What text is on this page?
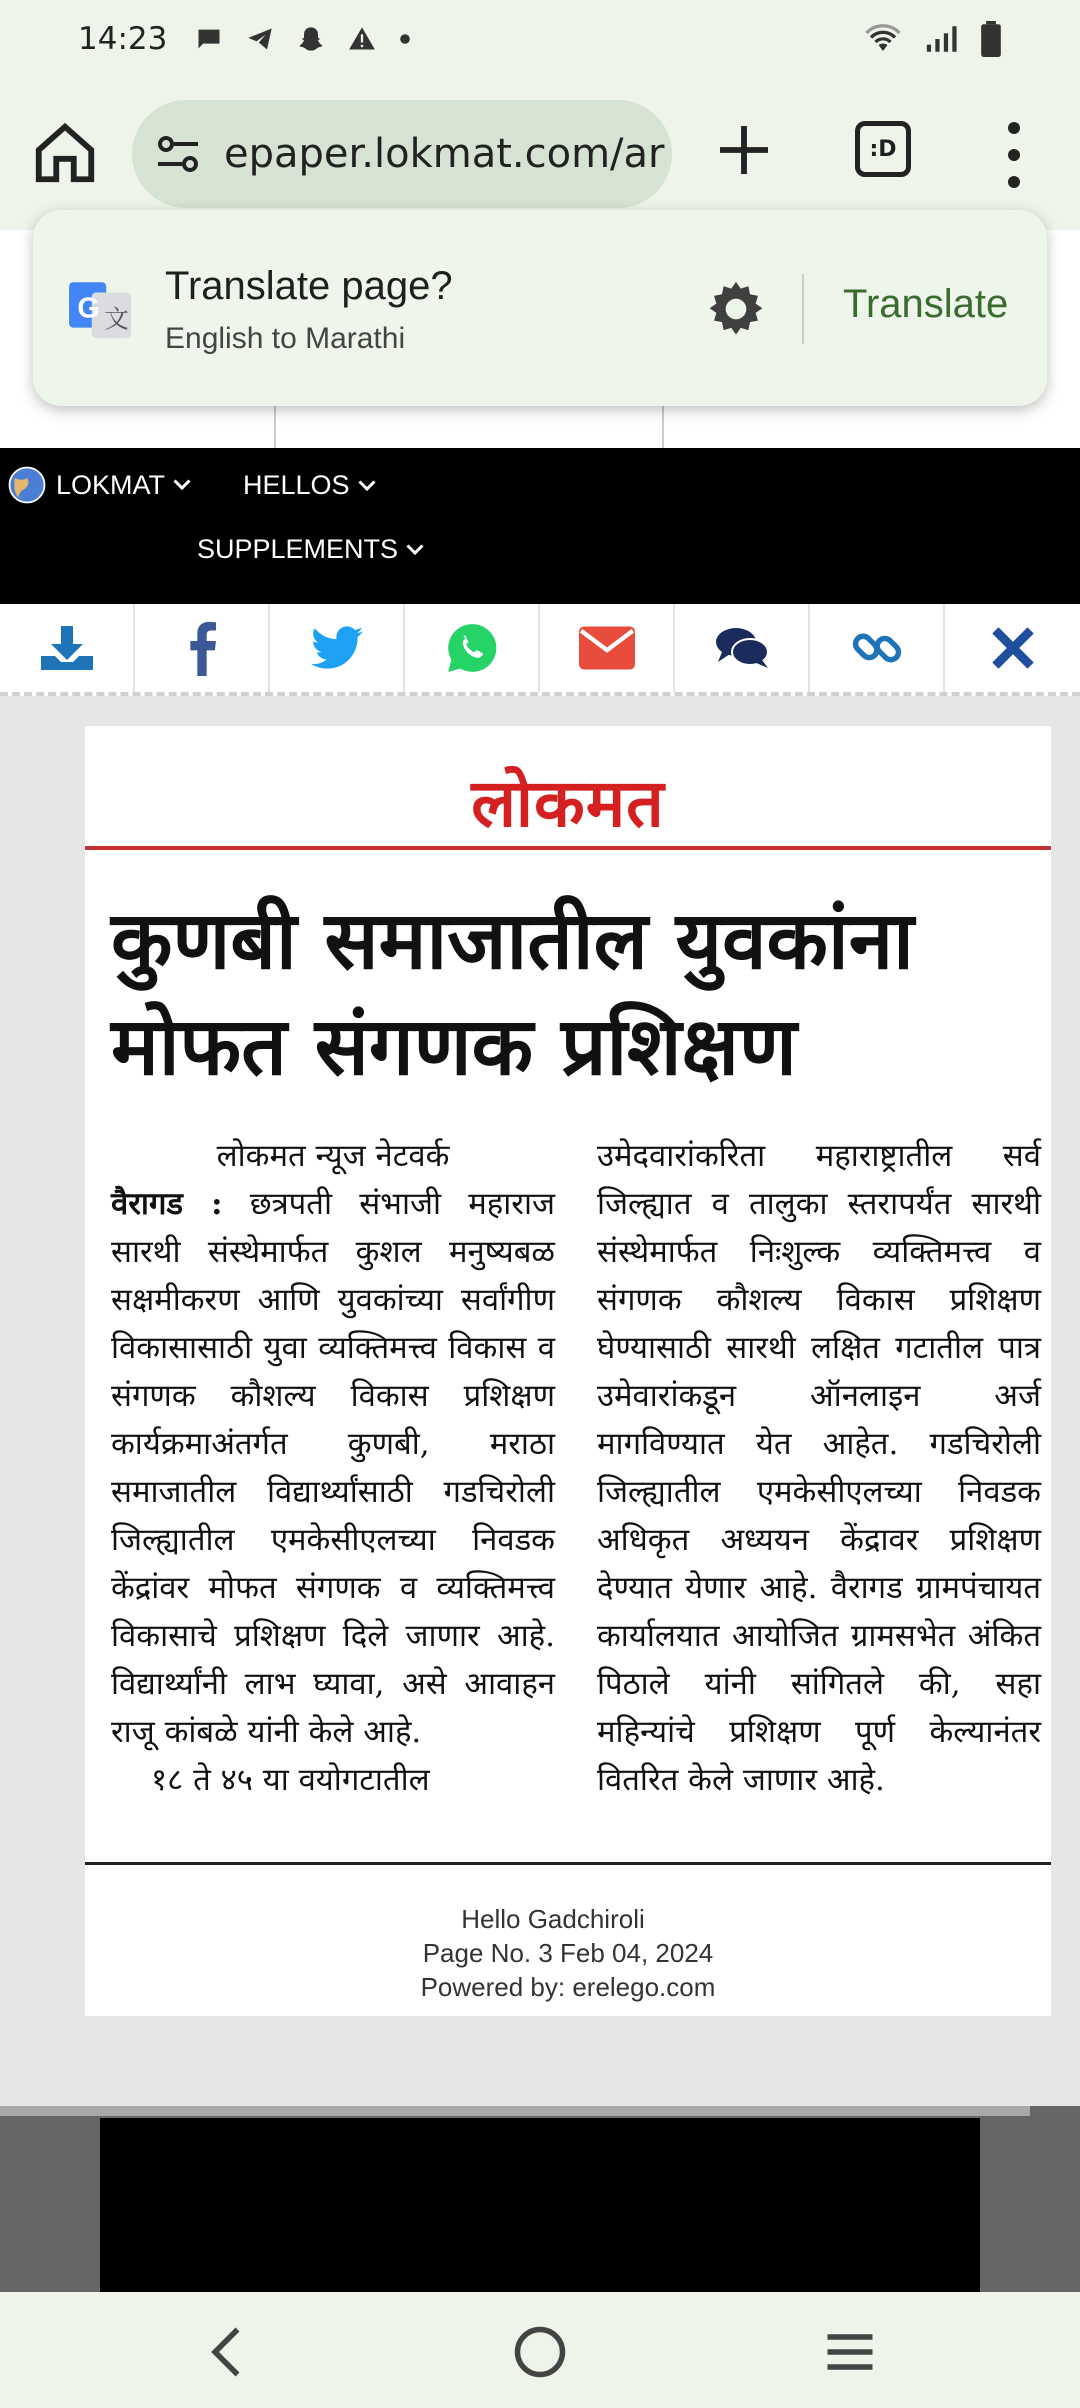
14:23
epaper.lokmat.com/ar	:D

G 文
Translate page?
English to Marathi
Translate
LOKMAT	HELLOS
SUPPLEMENTS
लोकमत
कुणबी समाजातील युवकांना
मोफत संगणक प्रशिक्षण
लोकमत न्यूज नेटवर्क

वैरागड : छत्रपती संभाजी महाराज सारथी संस्थेमार्फत कुशल मनुष्यबळ सक्षमीकरण आणि युवकांच्या सर्वांगीण विकासासाठी युवा व्यक्तिमत्त्व विकास व संगणक कौशल्य विकास प्रशिक्षण कार्यक्रमाअंतर्गत कुणबी, मराठा समाजातील विद्यार्थ्यांसाठी गडचिरोली जिल्ह्यातील एमकेसीएलच्या निवडक केंद्रांवर मोफत संगणक व व्यक्तिमत्त्व विकासाचे प्रशिक्षण दिले जाणार आहे. विद्यार्थ्यांनी लाभ घ्यावा, असे आवाहन राजू कांबळे यांनी केले आहे.

१८ ते ४५ या वयोगटातील

उमेदवारांकरिता महाराष्ट्रातील सर्व जिल्ह्यात व तालुका स्तरापर्यंत सारथी संस्थेमार्फत निःशुल्क व्यक्तिमत्त्व व संगणक कौशल्य विकास प्रशिक्षण घेण्यासाठी सारथी लक्षित गटातील पात्र उमेवारांकडून ऑनलाइन अर्ज मागविण्यात येत आहेत. गडचिरोली जिल्ह्यातील एमकेसीएलच्या निवडक अधिकृत अध्ययन केंद्रावर प्रशिक्षण देण्यात येणार आहे. वैरागड ग्रामपंचायत कार्यालयात आयोजित ग्रामसभेत अंकित पिठाले यांनी सांगितले की, सहा महिन्यांचे प्रशिक्षण पूर्ण केल्यानंतर वितरित केले जाणार आहे.

Hello Gadchiroli
Page No. 3 Feb 04, 2024
Powered by: erelego.com
